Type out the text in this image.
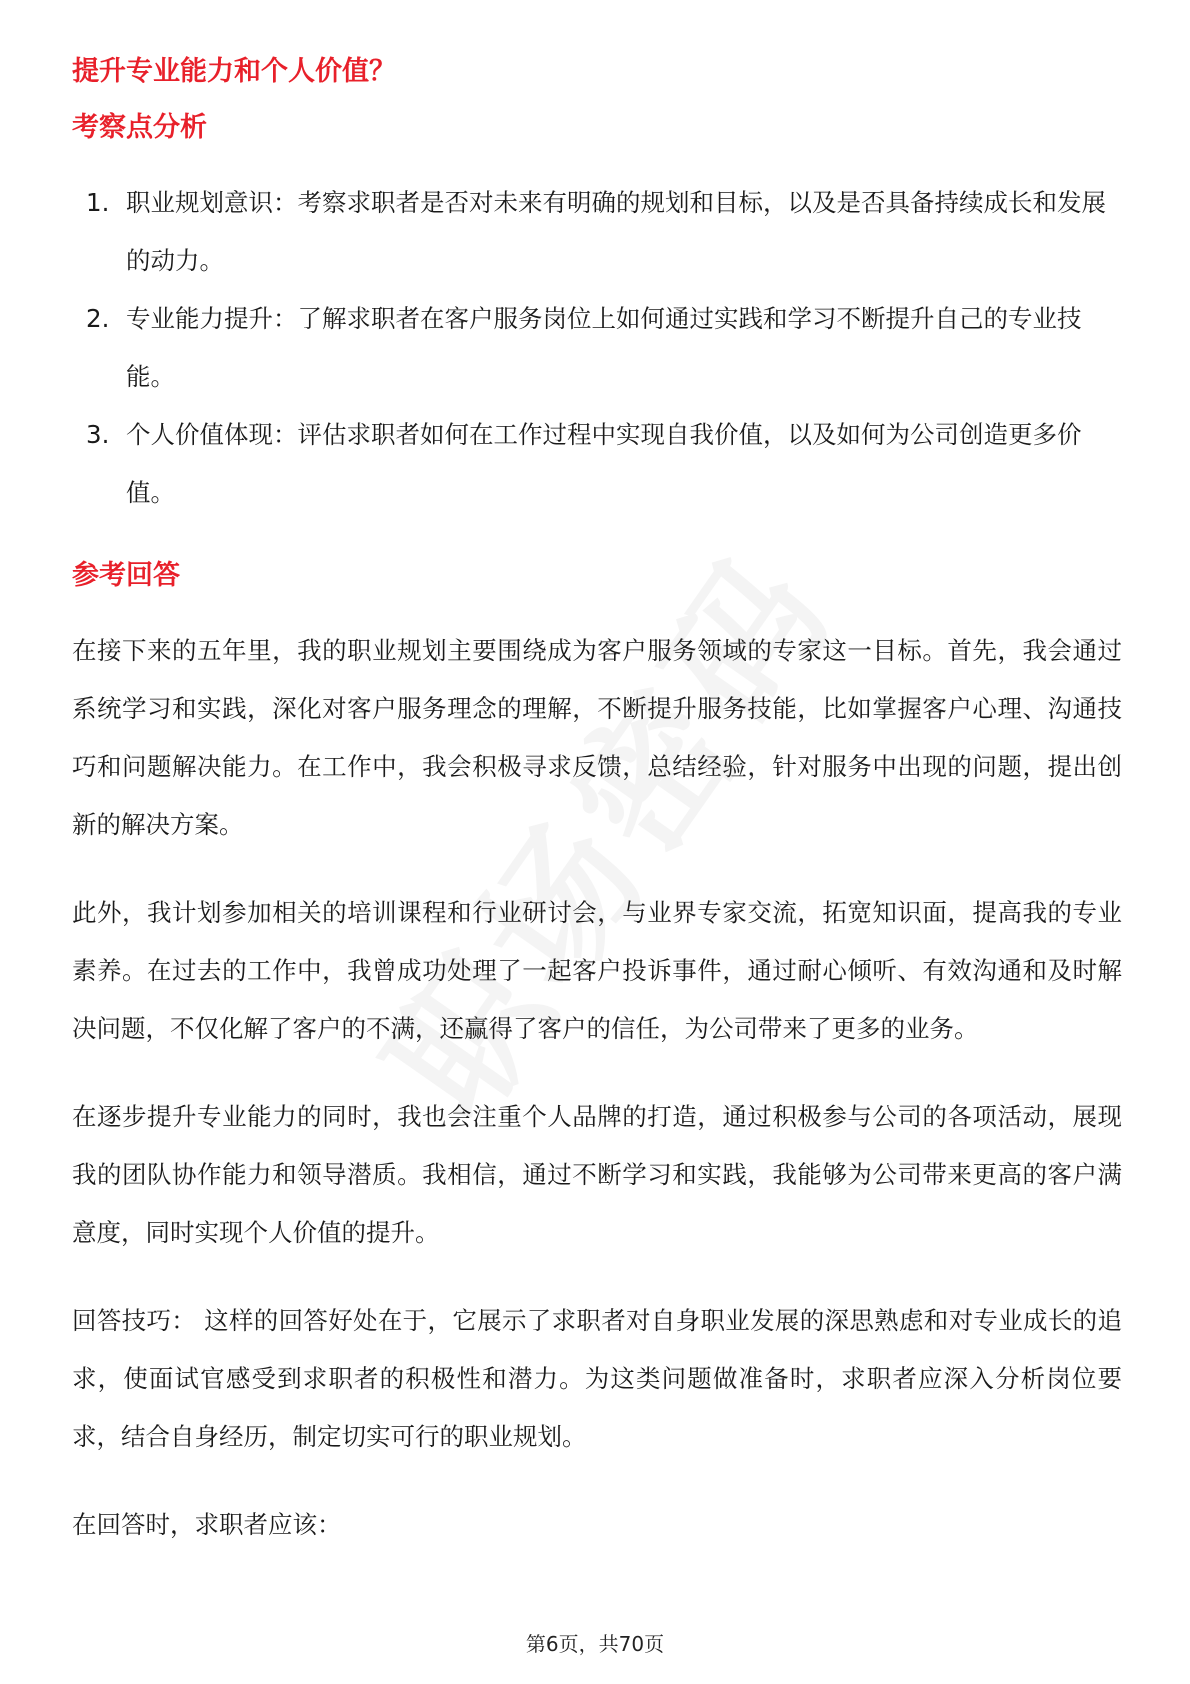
提升专业能力和个人价值？
考察点分析
1. 职业规划意识：考察求职者是否对未来有明确的规划和目标，以及是否具备持续成长和发展的动力。
2. 专业能力提升：了解求职者在客户服务岗位上如何通过实践和学习不断提升自己的专业技能。
3. 个人价值体现：评估求职者如何在工作过程中实现自我价值，以及如何为公司创造更多价值。
参考回答

在接下来的五年里，我的职业规划主要围绕成为客户服务领域的专家这一目标。首先，我会通过系统学习和实践，深化对客户服务理念的理解，不断提升服务技能，比如掌握客户心理、沟通技巧和问题解决能力。在工作中，我会积极寻求反馈，总结经验，针对服务中出现的问题，提出创新的解决方案。

此外，我计划参加相关的培训课程和行业研讨会，与业界专家交流，拓宽知识面，提高我的专业素养。在过去的工作中，我曾成功处理了一起客户投诉事件，通过耐心倾听、有效沟通和及时解决问题，不仅化解了客户的不满，还赢得了客户的信任，为公司带来了更多的业务。

在逐步提升专业能力的同时，我也会注重个人品牌的打造，通过积极参与公司的各项活动，展现我的团队协作能力和领导潜质。我相信，通过不断学习和实践，我能够为公司带来更高的客户满意度，同时实现个人价值的提升。

回答技巧： 这样的回答好处在于，它展示了求职者对自身职业发展的深思熟虑和对专业成长的追求，使面试官感受到求职者的积极性和潜力。为这类问题做准备时，求职者应深入分析岗位要求，结合自身经历，制定切实可行的职业规划。

在回答时，求职者应该：

第6页，共70页
